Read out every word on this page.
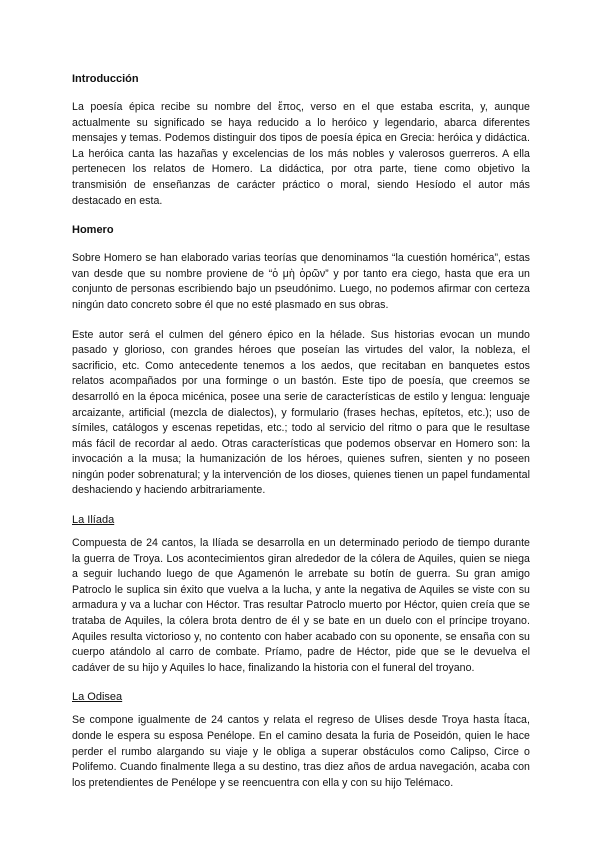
Introducción

La poesía épica recibe su nombre del ἔπος, verso en el que estaba escrita, y, aunque actualmente su significado se haya reducido a lo heróico y legendario, abarca diferentes mensajes y temas. Podemos distinguir dos tipos de poesía épica en Grecia: heróica y didáctica. La heróica canta las hazañas y excelencias de los más nobles y valerosos guerreros. A ella pertenecen los relatos de Homero. La didáctica, por otra parte, tiene como objetivo la transmisión de enseñanzas de carácter práctico o moral, siendo Hesíodo el autor más destacado en esta.

Homero

Sobre Homero se han elaborado varias teorías que denominamos “la cuestión homérica”, estas van desde que su nombre proviene de “ὁ μὴ ὁρῶν” y por tanto era ciego, hasta que era un conjunto de personas escribiendo bajo un pseudónimo. Luego, no podemos afirmar con certeza ningún dato concreto sobre él que no esté plasmado en sus obras.

Este autor será el culmen del género épico en la hélade. Sus historias evocan un mundo pasado y glorioso, con grandes héroes que poseían las virtudes del valor, la nobleza, el sacrificio, etc. Como antecedente tenemos a los aedos, que recitaban en banquetes estos relatos acompañados por una forminge o un bastón. Este tipo de poesía, que creemos se desarrolló en la época micénica, posee una serie de características de estilo y lengua: lenguaje arcaizante, artificial (mezcla de dialectos), y formulario (frases hechas, epítetos, etc.); uso de símiles, catálogos y escenas repetidas, etc.; todo al servicio del ritmo o para que le resultase más fácil de recordar al aedo. Otras características que podemos observar en Homero son: la invocación a la musa; la humanización de los héroes, quienes sufren, sienten y no poseen ningún poder sobrenatural; y la intervención de los dioses, quienes tienen un papel fundamental deshaciendo y haciendo arbitrariamente.

La Ilíada

Compuesta de 24 cantos, la Ilíada se desarrolla en un determinado periodo de tiempo durante la guerra de Troya. Los acontecimientos giran alrededor de la cólera de Aquiles, quien se niega a seguir luchando luego de que Agamenón le arrebate su botín de guerra. Su gran amigo Patroclo le suplica sin éxito que vuelva a la lucha, y ante la negativa de Aquiles se viste con su armadura y va a luchar con Héctor. Tras resultar Patroclo muerto por Héctor, quien creía que se trataba de Aquiles, la cólera brota dentro de él y se bate en un duelo con el príncipe troyano. Aquiles resulta victorioso y, no contento con haber acabado con su oponente, se ensaña con su cuerpo atándolo al carro de combate. Príamo, padre de Héctor, pide que se le devuelva el cadáver de su hijo y Aquiles lo hace, finalizando la historia con el funeral del troyano.

La Odisea

Se compone igualmente de 24 cantos y relata el regreso de Ulises desde Troya hasta Ítaca, donde le espera su esposa Penélope. En el camino desata la furia de Poseidón, quien le hace perder el rumbo alargando su viaje y le obliga a superar obstáculos como Calipso, Circe o Polifemo. Cuando finalmente llega a su destino, tras diez años de ardua navegación, acaba con los pretendientes de Penélope y se reencuentra con ella y con su hijo Telémaco.
